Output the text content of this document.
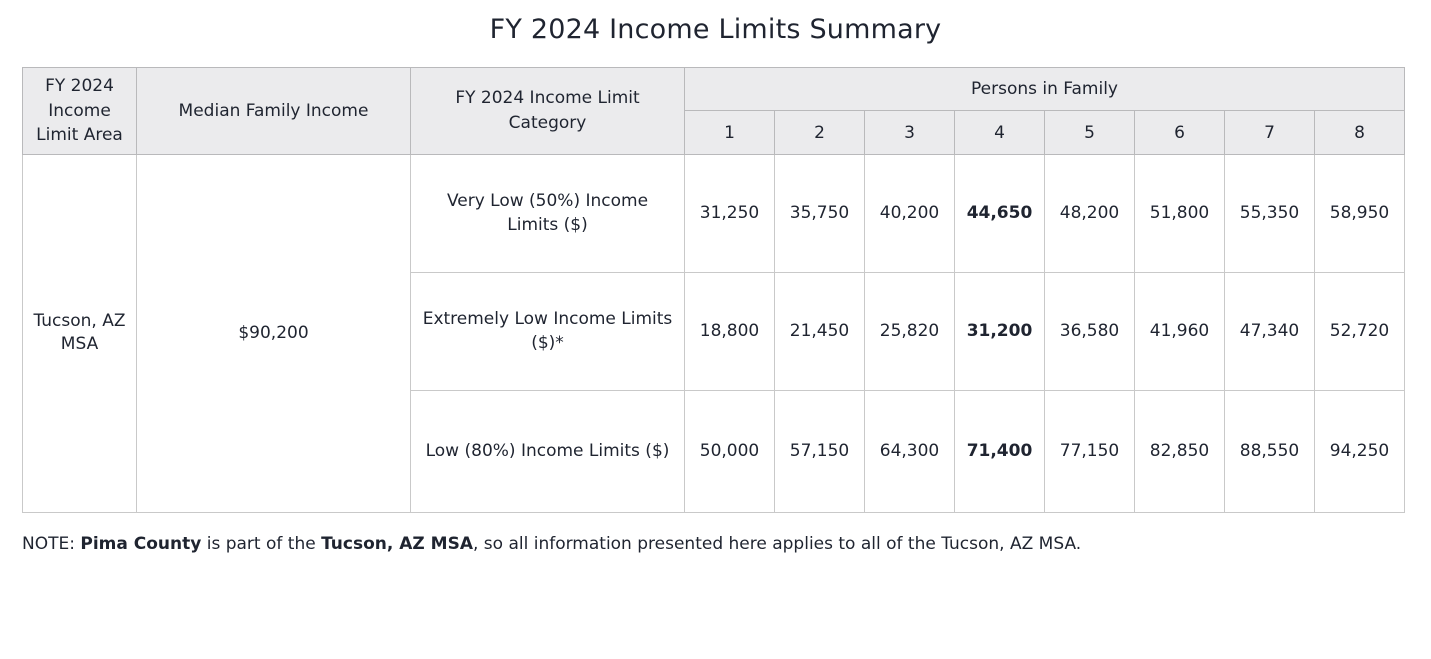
FY 2024 Income Limits Summary
FY 2024 Income Limit Area	Median Family Income	FY 2024 Income Limit Category	Persons in Family							
			1	2	3	4	5	6	7	8
Tucson, AZ MSA	$90,200	Very Low (50%) Income Limits ($)	31,250	35,750	40,200	44,650	48,200	51,800	55,350	58,950
		Extremely Low Income Limits ($)*	18,800	21,450	25,820	31,200	36,580	41,960	47,340	52,720
		Low (80%) Income Limits ($)	50,000	57,150	64,300	71,400	77,150	82,850	88,550	94,250

NOTE: Pima County is part of the Tucson, AZ MSA, so all information presented here applies to all of the Tucson, AZ MSA.
